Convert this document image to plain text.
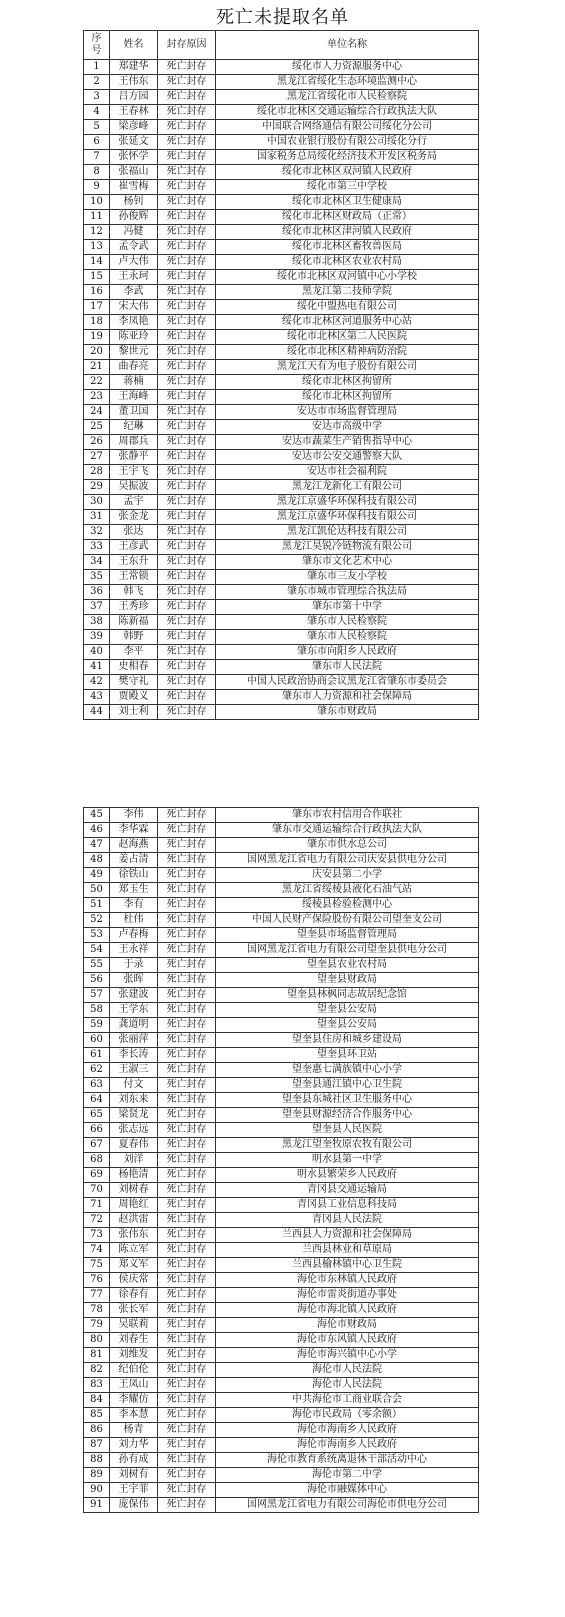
死亡未提取名单
序
号	姓名	封存原因	单位名称
1	郑建华	死亡封存	绥化市人力资源服务中心
2	王伟东	死亡封存	黑龙江省绥化生态环境监测中心
3	吕方园	死亡封存	黑龙江省绥化市人民检察院
4	王春林	死亡封存	绥化市北林区交通运输综合行政执法大队
5	梁彦峰	死亡封存	中国联合网络通信有限公司绥化分公司
6	张延文	死亡封存	中国农业银行股份有限公司绥化分行
7	张怀学	死亡封存	国家税务总局绥化经济技术开发区税务局
8	张福山	死亡封存	绥化市北林区双河镇人民政府
9	崔雪梅	死亡封存	绥化市第三中学校
10	杨钊	死亡封存	绥化市北林区卫生健康局
11	孙俊辉	死亡封存	绥化市北林区财政局（正常）
12	冯健	死亡封存	绥化市北林区津河镇人民政府
13	孟令武	死亡封存	绥化市北林区畜牧兽医局
14	卢大伟	死亡封存	绥化市北林区农业农村局
15	王永珂	死亡封存	绥化市北林区双河镇中心小学校
16	李武	死亡封存	黑龙江第二技师学院
17	宋大伟	死亡封存	绥化中盟热电有限公司
18	李凤艳	死亡封存	绥化市北林区河道服务中心站
19	陈亚玲	死亡封存	绥化市北林区第二人民医院
20	黎世元	死亡封存	绥化市北林区精神病防治院
21	曲春亮	死亡封存	黑龙江天有为电子股份有限公司
22	蒋楠	死亡封存	绥化市北林区拘留所
23	王海峰	死亡封存	绥化市北林区拘留所
24	董卫国	死亡封存	安达市市场监督管理局
25	纪琳	死亡封存	安达市高级中学
26	周郡兵	死亡封存	安达市蔬菜生产销售指导中心
27	张静平	死亡封存	安达市公安交通警察大队
28	王宇飞	死亡封存	安达市社会福利院
29	吴振波	死亡封存	黑龙江龙新化工有限公司
30	孟宇	死亡封存	黑龙江京盛华环保科技有限公司
31	张金龙	死亡封存	黑龙江京盛华环保科技有限公司
32	张达	死亡封存	黑龙江凯伦达科技有限公司
33	王彦武	死亡封存	黑龙江昊锐冷链物流有限公司
34	王东升	死亡封存	肇东市文化艺术中心
35	王常锁	死亡封存	肇东市三友小学校
36	韩飞	死亡封存	肇东市城市管理综合执法局
37	王秀珍	死亡封存	肇东市第十中学
38	陈新福	死亡封存	肇东市人民检察院
39	韩野	死亡封存	肇东市人民检察院
40	李平	死亡封存	肇东市向阳乡人民政府
41	史相春	死亡封存	肇东市人民法院
42	樊守礼	死亡封存	中国人民政治协商会议黑龙江省肇东市委员会
43	贾殿义	死亡封存	肇东市人力资源和社会保障局
44	刘士利	死亡封存	肇东市财政局
45	李伟	死亡封存	肇东市农村信用合作联社
46	李华霖	死亡封存	肇东市交通运输综合行政执法大队
47	赵海燕	死亡封存	肇东市供水总公司
48	姜占清	死亡封存	国网黑龙江省电力有限公司庆安县供电分公司
49	徐铁山	死亡封存	庆安县第二小学
50	郑玉生	死亡封存	黑龙江省绥棱县液化石油气站
51	李有	死亡封存	绥棱县检验检测中心
52	杜伟	死亡封存	中国人民财产保险股份有限公司望奎支公司
53	卢春梅	死亡封存	望奎县市场监督管理局
54	王永祥	死亡封存	国网黑龙江省电力有限公司望奎县供电分公司
55	于录	死亡封存	望奎县农业农村局
56	张晖	死亡封存	望奎县财政局
57	张建波	死亡封存	望奎县林枫同志故居纪念馆
58	王学东	死亡封存	望奎县公安局
59	龚道明	死亡封存	望奎县公安局
60	张丽萍	死亡封存	望奎县住房和城乡建设局
61	李长涛	死亡封存	望奎县环卫站
62	王淑三	死亡封存	望奎惠七满族镇中心小学
63	付文	死亡封存	望奎县通江镇中心卫生院
64	刘东来	死亡封存	望奎县东城社区卫生服务中心
65	梁贤龙	死亡封存	望奎县财源经济合作服务中心
66	张志远	死亡封存	望奎县人民医院
67	夏春伟	死亡封存	黑龙江望奎牧原农牧有限公司
68	刘洋	死亡封存	明水县第一中学
69	杨艳清	死亡封存	明水县繁荣乡人民政府
70	刘树春	死亡封存	青冈县交通运输局
71	周艳红	死亡封存	青冈县工业信息科技局
72	赵洪雷	死亡封存	青冈县人民法院
73	张伟东	死亡封存	兰西县人力资源和社会保障局
74	陈立军	死亡封存	兰西县林业和草原局
75	郑义军	死亡封存	兰西县榆林镇中心卫生院
76	侯庆常	死亡封存	海伦市东林镇人民政府
77	徐春有	死亡封存	海伦市雷炎街道办事处
78	张长军	死亡封存	海伦市海北镇人民政府
79	吴联莉	死亡封存	海伦市财政局
80	刘春生	死亡封存	海伦市东风镇人民政府
81	刘维发	死亡封存	海伦市海兴镇中心小学
82	纪伯伦	死亡封存	海伦市人民法院
83	王凤山	死亡封存	海伦市人民法院
84	李耀仿	死亡封存	中共海伦市工商业联合会
85	李本慧	死亡封存	海伦市民政局（零余额）
86	杨青	死亡封存	海伦市海南乡人民政府
87	刘力华	死亡封存	海伦市海南乡人民政府
88	孙有成	死亡封存	海伦市教育系统离退休干部活动中心
89	刘树有	死亡封存	海伦市第二中学
90	王宇菲	死亡封存	海伦市融媒体中心
91	庞保伟	死亡封存	国网黑龙江省电力有限公司海伦市供电分公司
